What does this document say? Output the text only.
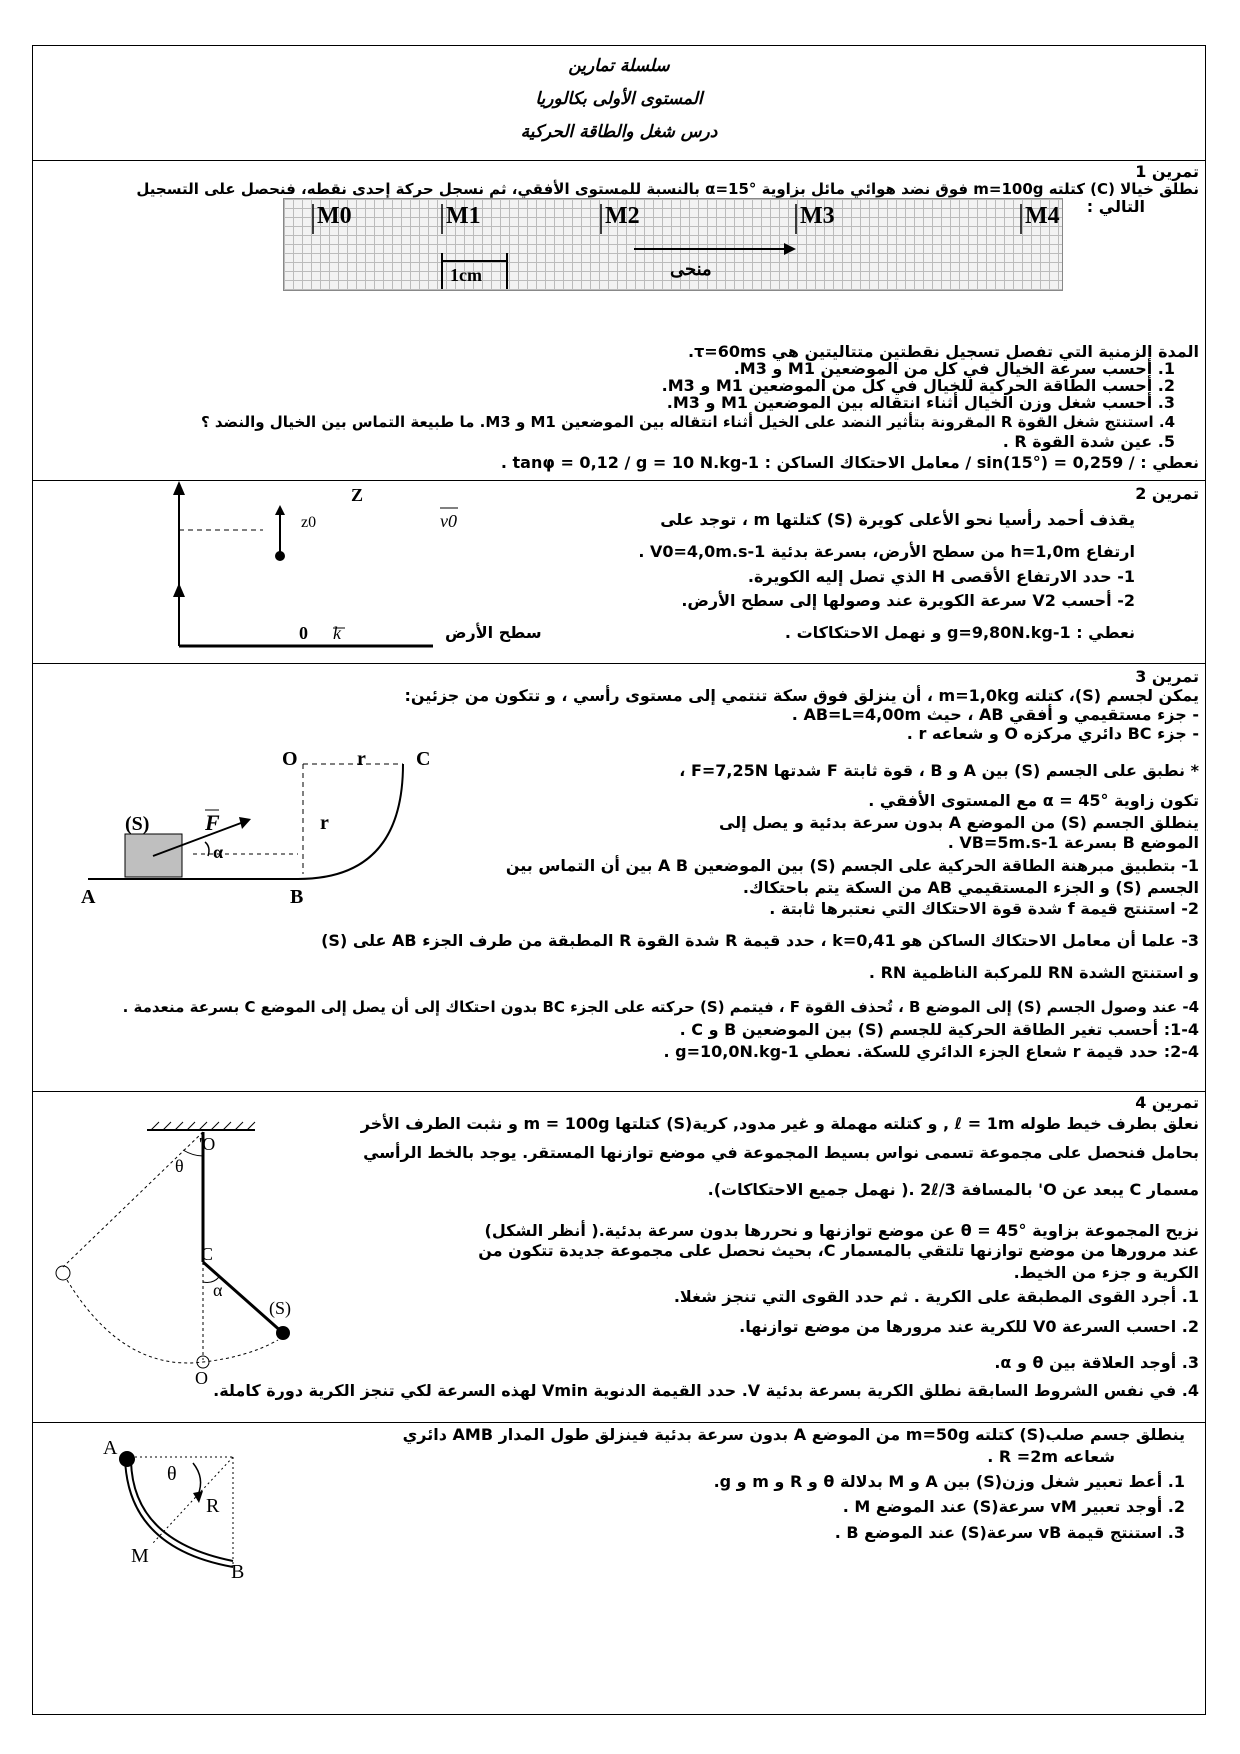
سلسلة تمارين
المستوى الأولى بكالوريا
درس شغل والطاقة الحركية
تمرين 1
نطلق خيالا (C) كتلته m=100g فوق نضد هوائي مائل بزاوية α=15° بالنسبة للمستوى الأفقي، ثم نسجل حركة إحدى نقطه، فنحصل على التسجيل
التالي :
M0	M1	M2	M3	M4
1cm	منحى
المدة الزمنية التي تفصل تسجيل نقطتين متتاليتين هي τ=60ms.
1. أحسب سرعة الخيال في كل من الموضعين M1 و M3.
2. أحسب الطاقة الحركية للخيال في كل من الموضعين M1 و M3.
3. أحسب شغل وزن الخيال أثناء انتقاله بين الموضعين M1 و M3.
4. استنتج شغل القوة R المقرونة بتأثير النضد على الخيل أثناء انتقاله بين الموضعين M1 و M3. ما طبيعة التماس بين الخيال والنضد ؟
5. عين شدة القوة R .
نعطي : / sin(15°) = 0,259 / معامل الاحتكاك الساكن : tanφ = 0,12 / g = 10 N.kg-1 .
تمرين 2
Z
z0	v0
0 k	سطح الأرض
يقذف أحمد رأسيا نحو الأعلى كويرة (S) كتلتها m ، توجد على
ارتفاع h=1,0m من سطح الأرض، بسرعة بدئية V0=4,0m.s-1 .
1- حدد الارتفاع الأقصى H الذي تصل إليه الكويرة.
2- أحسب V2 سرعة الكويرة عند وصولها إلى سطح الأرض.
نعطي : g=9,80N.kg-1 و نهمل الاحتكاكات .
تمرين 3
O	r	C
(S)	F
α
r
A	B
يمكن لجسم (S)، كتلته m=1,0kg ، أن ينزلق فوق سكة تنتمي إلى مستوى رأسي ، و تتكون من جزئين:
- جزء مستقيمي و أفقي AB ، حيث AB=L=4,00m .
- جزء BC دائري مركزه O و شعاعه r .
* نطبق على الجسم (S) بين A و B ، قوة ثابتة F شدتها F=7,25N ،
تكون زاوية α = 45° مع المستوى الأفقي .
ينطلق الجسم (S) من الموضع A بدون سرعة بدئية و يصل إلى
الموضع B بسرعة VB=5m.s-1 .
1- بتطبيق مبرهنة الطاقة الحركية على الجسم (S) بين الموضعين A B بين أن التماس بين
الجسم (S) و الجزء المستقيمي AB من السكة يتم باحتكاك.
2- استنتج قيمة f شدة قوة الاحتكاك التي نعتبرها ثابتة .
3- علما أن معامل الاحتكاك الساكن هو k=0,41 ، حدد قيمة R شدة القوة R المطبقة من طرف الجزء AB على (S)
و استنتج الشدة RN للمركبة الناظمية RN .
4- عند وصول الجسم (S) إلى الموضع B ، تُحذف القوة F ، فيتمم (S) حركته على الجزء BC بدون احتكاك إلى أن يصل إلى الموضع C بسرعة منعدمة .
1-4: أحسب تغير الطاقة الحركية للجسم (S) بين الموضعين B و C .
2-4: حدد قيمة r شعاع الجزء الدائري للسكة. نعطي g=10,0N.kg-1 .
تمرين 4
O'
θ
C
α
(S)
O
نعلق بطرف خيط طوله ℓ = 1m , و كتلته مهملة و غير مدود, كرية(S) كتلتها m = 100g و نثبت الطرف الأخر
بحامل فنحصل على مجموعة تسمى نواس بسيط المجموعة في موضع توازنها المستقر. يوجد بالخط الرأسي
مسمار C يبعد عن O' بالمسافة 2ℓ/3 .( نهمل جميع الاحتكاكات).
نزيح المجموعة بزاوية θ = 45° عن موضع توازنها و نحررها بدون سرعة بدئية.( أنظر الشكل)
عند مرورها من موضع توازنها تلتقي بالمسمار C، بحيث نحصل على مجموعة جديدة تتكون من
الكرية و جزء من الخيط.
1. أجرد القوى المطبقة على الكرية . ثم حدد القوى التي تنجز شغلا.
2. احسب السرعة V0 للكرية عند مرورها من موضع توازنها.
3. أوجد العلاقة بين θ و α.
4. في نفس الشروط السابقة نطلق الكرية بسرعة بدئية V. حدد القيمة الدنوية Vmin لهذه السرعة لكي تنجز الكرية دورة كاملة.
A
θ
R
M
B
ينطلق جسم صلب(S) كتلته m=50g من الموضع A بدون سرعة بدئية فينزلق طول المدار AMB دائري
شعاعه R =2m .
1. أعط تعبير شغل وزن(S) بين A و M بدلالة θ و R و m و g.
2. أوجد تعبير vM سرعة(S) عند الموضع M .
3. استنتج قيمة vB سرعة(S) عند الموضع B .
